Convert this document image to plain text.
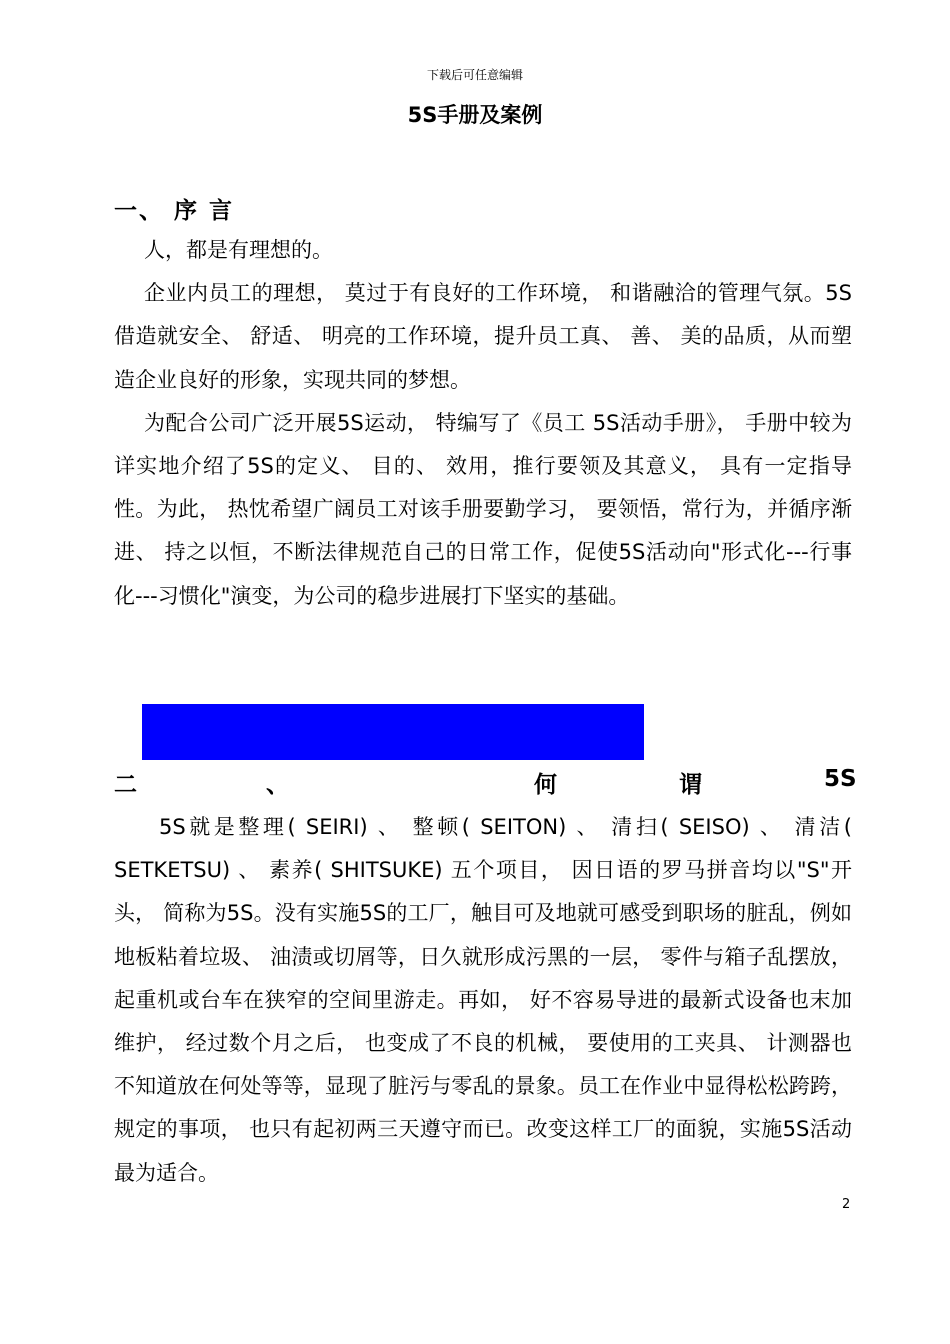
下载后可任意编辑
5S手册及案例
一、 序 言

人，都是有理想的。

企业内员工的理想， 莫过于有良好的工作环境， 和谐融洽的管理气氛。5S借造就安全、 舒适、 明亮的工作环境，提升员工真、 善、 美的品质，从而塑造企业良好的形象，实现共同的梦想。

为配合公司广泛开展5S运动， 特编写了《员工 5S活动手册》， 手册中较为详实地介绍了5S的定义、 目的、 效用，推行要领及其意义， 具有一定指导性。为此， 热忱希望广阔员工对该手册要勤学习， 要领悟，常行为，并循序渐进、 持之以恒，不断法律规范自己的日常工作，促使5S活动向"形式化---行事化---习惯化"演变，为公司的稳步进展打下坚实的基础。

二	、	何	谓	5S

5S就是整理( SEIRI) 、 整顿( SEITON) 、 清扫( SEISO) 、 清洁( SETKETSU) 、 素养( SHITSUKE) 五个项目， 因日语的罗马拼音均以"S"开头， 简称为5S。没有实施5S的工厂，触目可及地就可感受到职场的脏乱，例如地板粘着垃圾、 油渍或切屑等，日久就形成污黑的一层， 零件与箱子乱摆放，起重机或台车在狭窄的空间里游走。再如， 好不容易导进的最新式设备也末加维护， 经过数个月之后， 也变成了不良的机械， 要使用的工夹具、 计测器也不知道放在何处等等，显现了脏污与零乱的景象。员工在作业中显得松松跨跨， 规定的事项， 也只有起初两三天遵守而已。改变这样工厂的面貌，实施5S活动最为适合。

2
